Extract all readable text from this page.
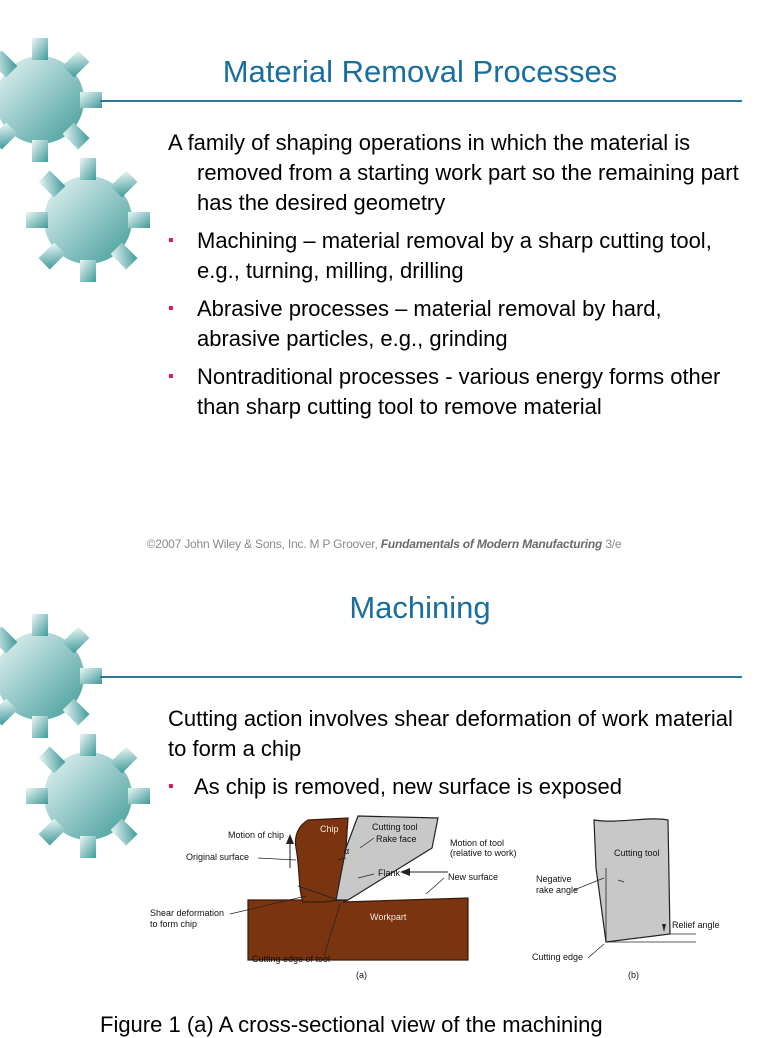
Material Removal Processes

A family of shaping operations in which the material is removed from a starting work part so the remaining part has the desired geometry

▪ Machining – material removal by a sharp cutting tool, e.g., turning, milling, drilling
▪ Abrasive processes – material removal by hard, abrasive particles, e.g., grinding
▪ Nontraditional processes - various energy forms other than sharp cutting tool to remove material
©2007 John Wiley & Sons, Inc. M P Groover, Fundamentals of Modern Manufacturing 3/e
Machining

Cutting action involves shear deformation of work material to form a chip

▪ As chip is removed, new surface is exposed
Motion of chip
Chip	Cutting tool
Motion of tool
(relative to work)
α
Rake face
Original surface
Flank	New surface
Shear deformation
to form chip
Workpart
Cutting edge of tool
(a)
Cutting tool
Negative
rake angle
Relief angle
Cutting edge
(b)
Figure 1 (a) A cross-sectional view of the machining
